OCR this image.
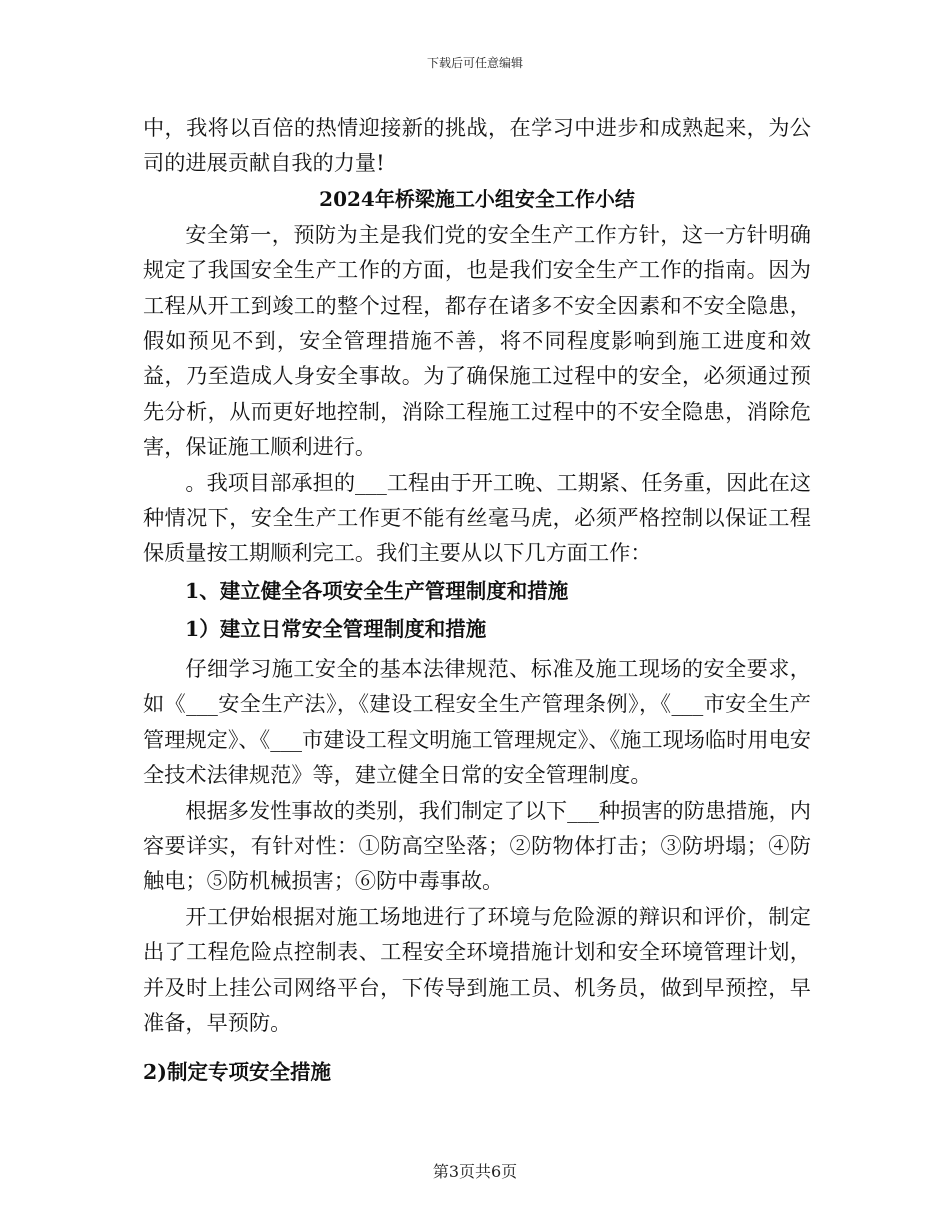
下载后可任意编辑

中，我将以百倍的热情迎接新的挑战，在学习中进步和成熟起来，为公司的进展贡献自我的力量!

2024年桥梁施工小组安全工作小结

安全第一，预防为主是我们党的安全生产工作方针，这一方针明确规定了我国安全生产工作的方面，也是我们安全生产工作的指南。因为工程从开工到竣工的整个过程，都存在诸多不安全因素和不安全隐患，假如预见不到，安全管理措施不善，将不同程度影响到施工进度和效益，乃至造成人身安全事故。为了确保施工过程中的安全，必须通过预先分析，从而更好地控制，消除工程施工过程中的不安全隐患，消除危害，保证施工顺利进行。

。我项目部承担的___工程由于开工晚、工期紧、任务重，因此在这种情况下，安全生产工作更不能有丝毫马虎，必须严格控制以保证工程保质量按工期顺利完工。我们主要从以下几方面工作：

1、建立健全各项安全生产管理制度和措施

1）建立日常安全管理制度和措施

仔细学习施工安全的基本法律规范、标准及施工现场的安全要求，如《___安全生产法》，《建设工程安全生产管理条例》，《___市安全生产管理规定》、《___市建设工程文明施工管理规定》、《施工现场临时用电安全技术法律规范》等，建立健全日常的安全管理制度。

根据多发性事故的类别，我们制定了以下___种损害的防患措施，内容要详实，有针对性：①防高空坠落；②防物体打击；③防坍塌；④防触电；⑤防机械损害；⑥防中毒事故。

开工伊始根据对施工场地进行了环境与危险源的辩识和评价，制定出了工程危险点控制表、工程安全环境措施计划和安全环境管理计划，并及时上挂公司网络平台，下传导到施工员、机务员，做到早预控，早准备，早预防。

2)制定专项安全措施

第3页共6页
